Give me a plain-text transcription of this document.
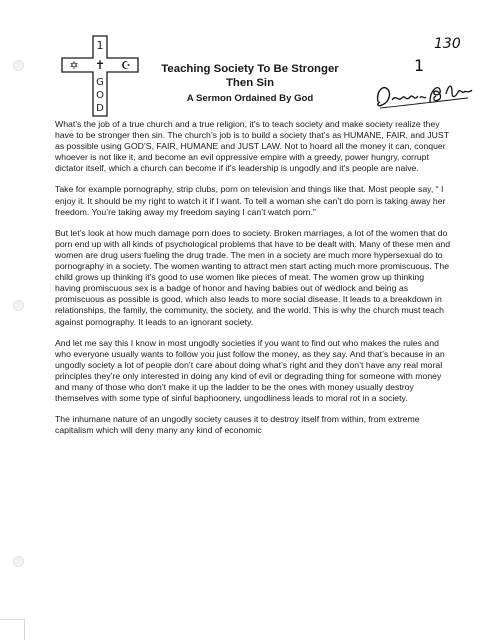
1
✡ ✝ ☪
G
O
D
130
1
Teaching Society To Be Stronger
Then Sin
A Sermon Ordained By God

What’s the job of a true church and a true religion, it’s to teach society and make society realize they have to be stronger then sin. The church’s job is to build a society that’s as HUMANE, FAIR, and JUST as possible using GOD’S, FAIR, HUMANE and JUST LAW. Not to hoard all the money it can, conquer whoever is not like it, and become an evil oppressive empire with a greedy, power hungry, corrupt dictator itself, which a church can become if it’s leadership is ungodly and it’s people are naive.

Take for example pornography, strip clubs, porn on television and things like that. Most people say, “ I enjoy it. It should be my right to watch it if I want. To tell a woman she can’t do porn is taking away her freedom. You’re taking away my freedom saying I can’t watch porn.”

But let’s look at how much damage porn does to society. Broken marriages, a lot of the women that do porn end up with all kinds of psychological problems that have to be dealt with. Many of these men and women are drug users fueling the drug trade. The men in a society are much more hypersexual do to pornography in a society. The women wanting to attract men start acting much more promiscuous. The child grows up thinking it’s good to use women like pieces of meat. The women grow up thinking having promiscuous sex is a badge of honor and having babies out of wedlock and being as promiscuous as possible is good, which also leads to more social disease. It leads to a breakdown in relationships, the family, the community, the society, and the world. This is why the church must teach against pornography. It leads to an ignorant society.

And let me say this I know in most ungodly societies if you want to find out who makes the rules and who everyone usually wants to follow you just follow the money, as they say. And that’s because in an ungodly society a lot of people don’t care about doing what’s right and they don’t have any real moral principles they’re only interested in doing any kind of evil or degrading thing for someone with money and many of those who don’t make it up the ladder to be the ones with money usually destroy themselves with some type of sinful baphoonery, ungodliness leads to moral rot in a society.

The inhumane nature of an ungodly society causes it to destroy itself from within, from extreme capitalism which will deny many any kind of economic
